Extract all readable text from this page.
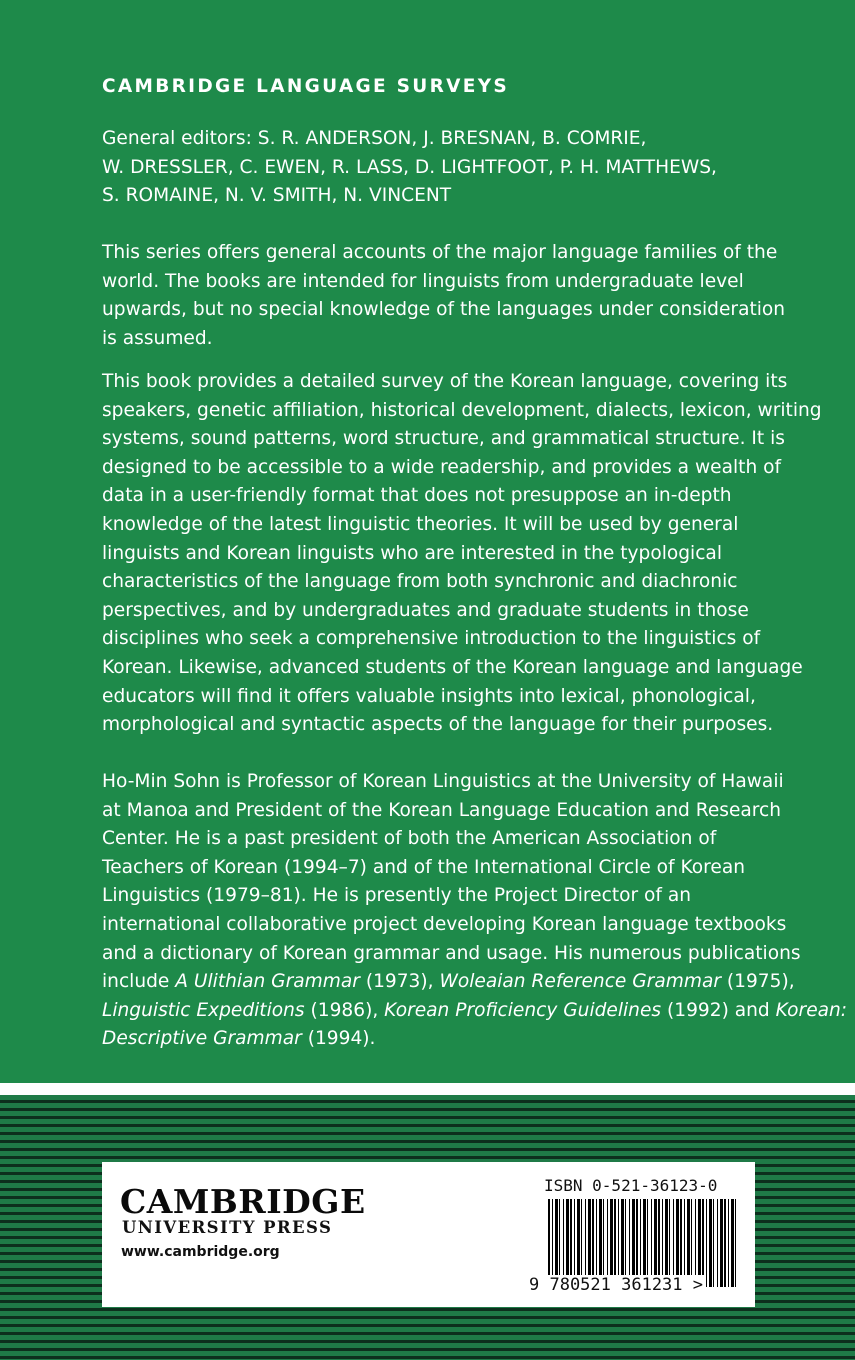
CAMBRIDGE LANGUAGE SURVEYS
General editors: S. R. ANDERSON, J. BRESNAN, B. COMRIE,
W. DRESSLER, C. EWEN, R. LASS, D. LIGHTFOOT, P. H. MATTHEWS,
S. ROMAINE, N. V. SMITH, N. VINCENT
This series offers general accounts of the major language families of the
world. The books are intended for linguists from undergraduate level
upwards, but no special knowledge of the languages under consideration
is assumed.
This book provides a detailed survey of the Korean language, covering its
speakers, genetic affiliation, historical development, dialects, lexicon, writing
systems, sound patterns, word structure, and grammatical structure. It is
designed to be accessible to a wide readership, and provides a wealth of
data in a user-friendly format that does not presuppose an in-depth
knowledge of the latest linguistic theories. It will be used by general
linguists and Korean linguists who are interested in the typological
characteristics of the language from both synchronic and diachronic
perspectives, and by undergraduates and graduate students in those
disciplines who seek a comprehensive introduction to the linguistics of
Korean. Likewise, advanced students of the Korean language and language
educators will find it offers valuable insights into lexical, phonological,
morphological and syntactic aspects of the language for their purposes.
Ho-Min Sohn is Professor of Korean Linguistics at the University of Hawaii
at Manoa and President of the Korean Language Education and Research
Center. He is a past president of both the American Association of
Teachers of Korean (1994–7) and of the International Circle of Korean
Linguistics (1979–81). He is presently the Project Director of an
international collaborative project developing Korean language textbooks
and a dictionary of Korean grammar and usage. His numerous publications
include A Ulithian Grammar (1973), Woleaian Reference Grammar (1975),
Linguistic Expeditions (1986), Korean Proficiency Guidelines (1992) and Korean:
Descriptive Grammar (1994).
CAMBRIDGE
UNIVERSITY PRESS
www.cambridge.org
ISBN 0-521-36123-0
9 780521 361231 >
